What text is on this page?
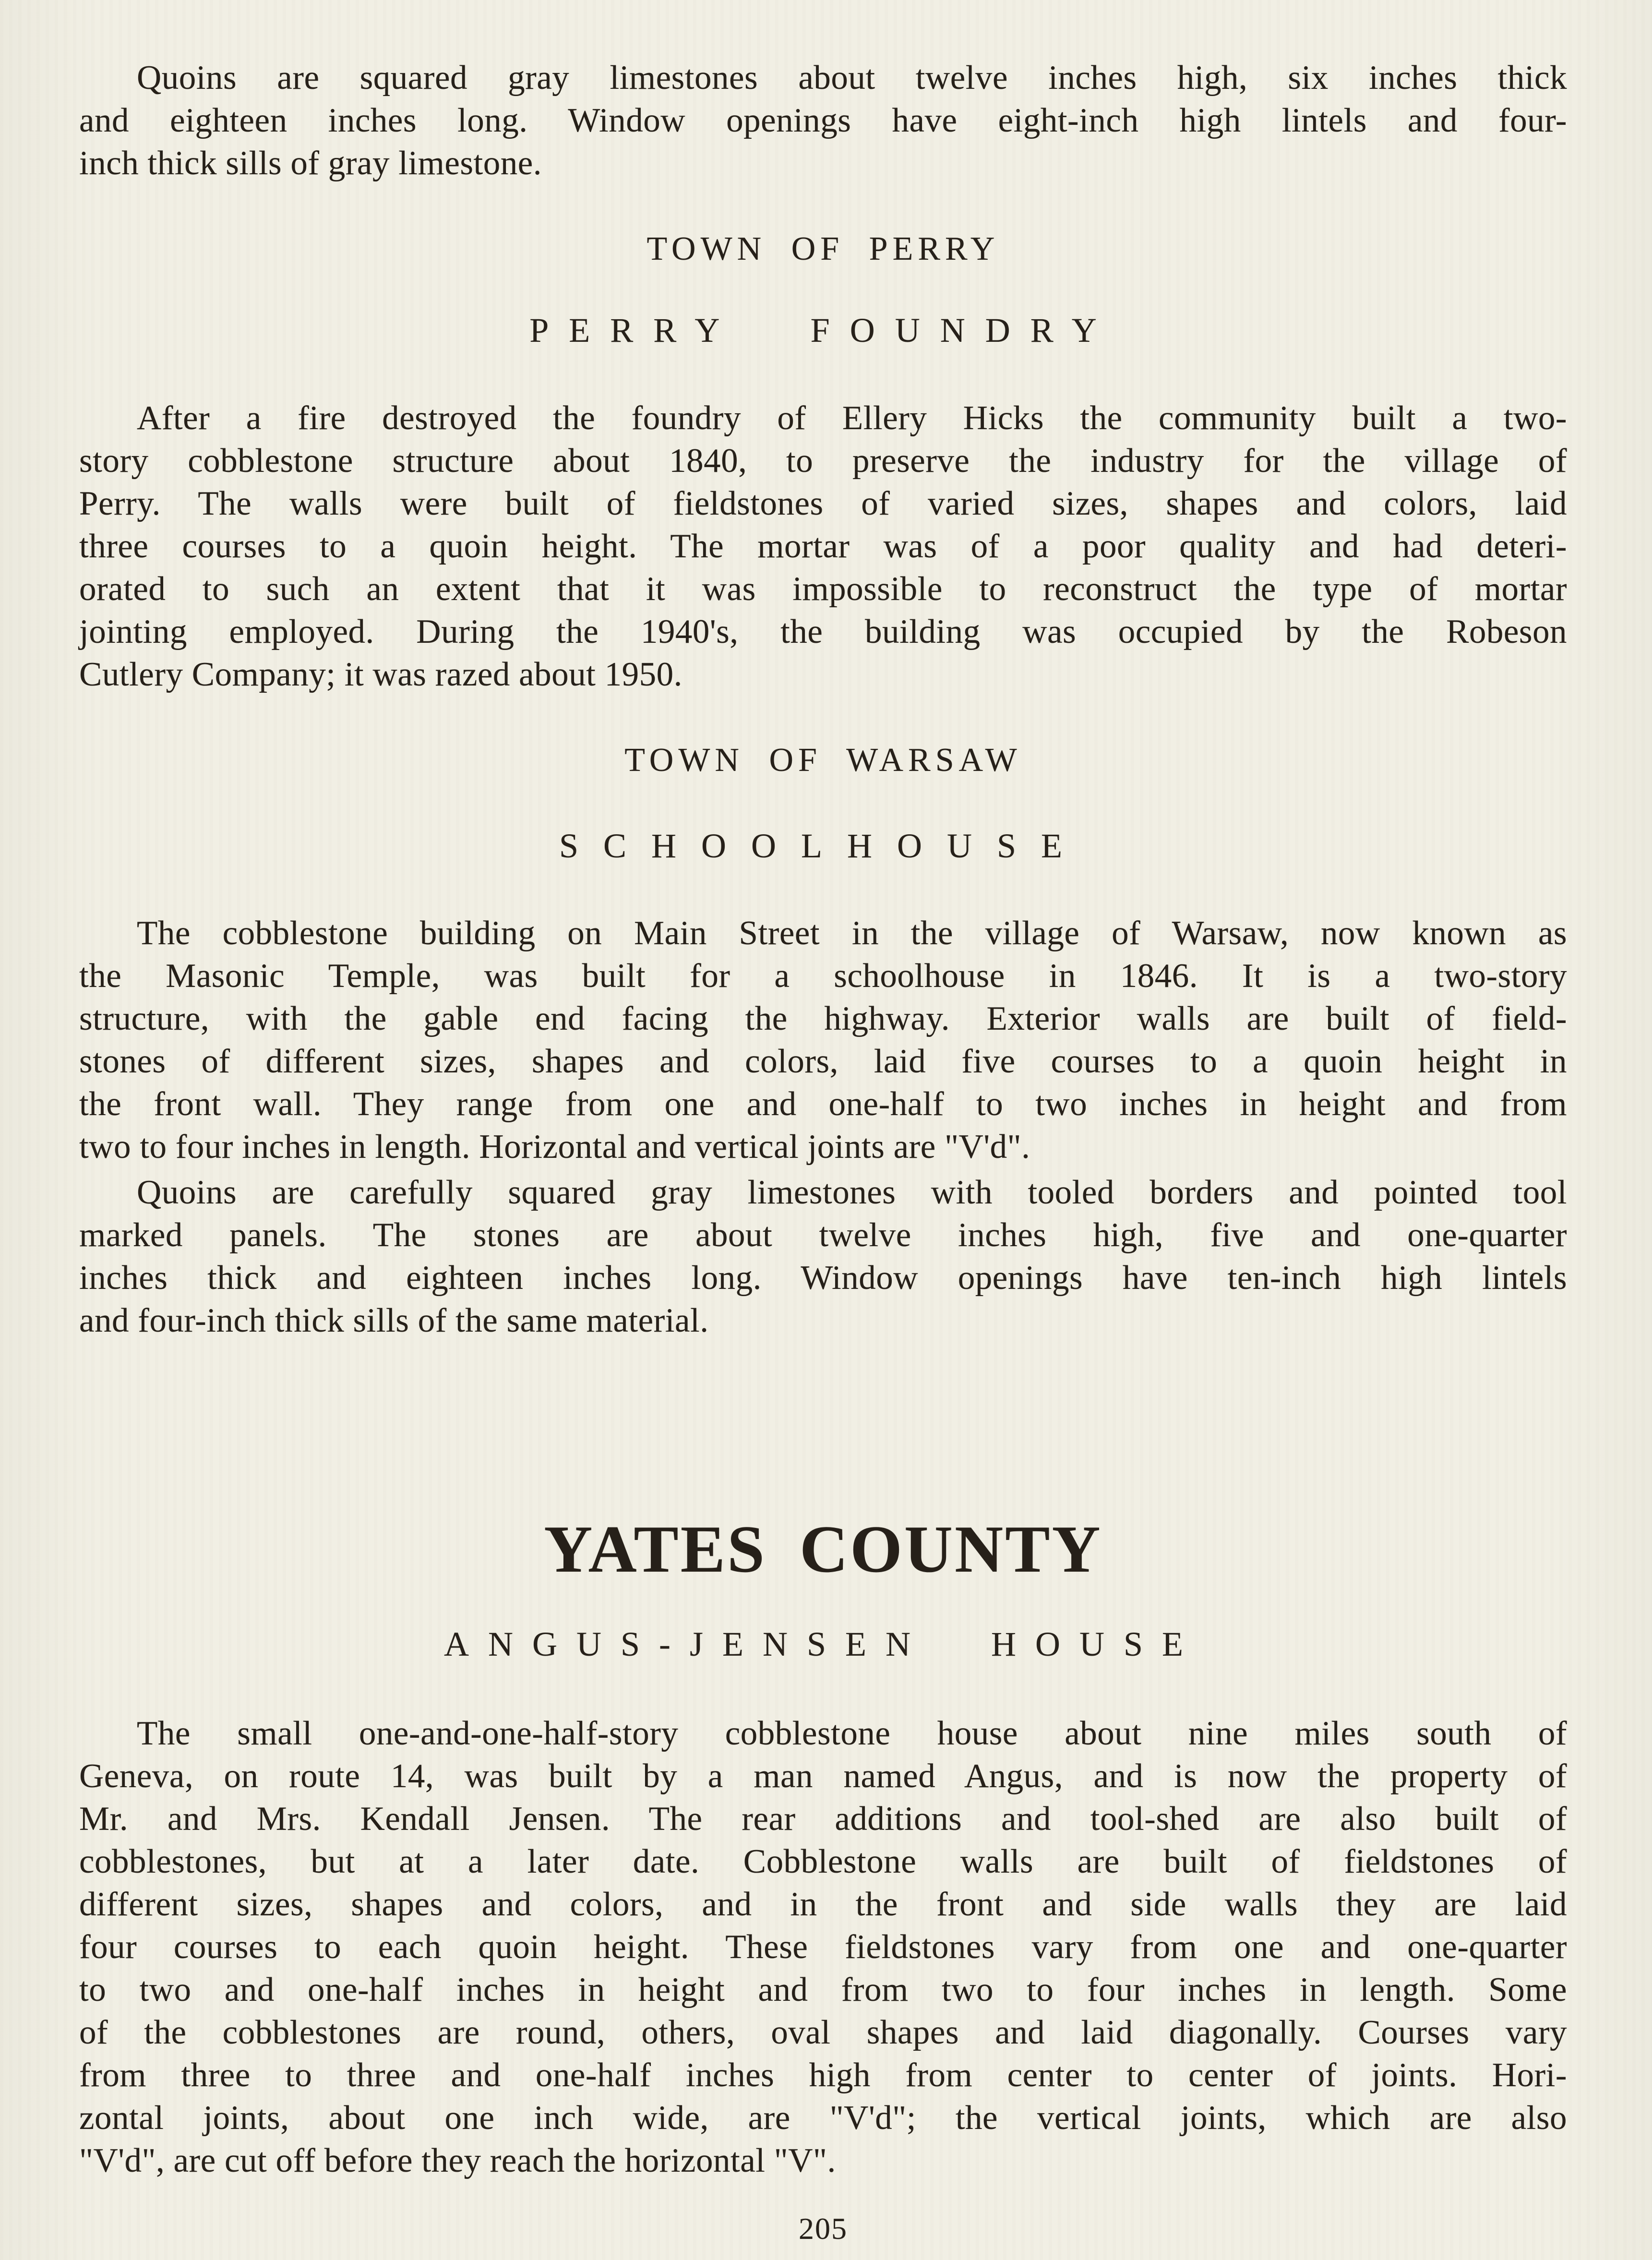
Quoins are squared gray limestones about twelve inches high, six inches thick
and eighteen inches long. Window openings have eight-inch high lintels and four-
inch thick sills of gray limestone.
TOWN OF PERRY
PERRY FOUNDRY
After a fire destroyed the foundry of Ellery Hicks the community built a two-
story cobblestone structure about 1840, to preserve the industry for the village of
Perry. The walls were built of fieldstones of varied sizes, shapes and colors, laid
three courses to a quoin height. The mortar was of a poor quality and had deteri-
orated to such an extent that it was impossible to reconstruct the type of mortar
jointing employed. During the 1940's, the building was occupied by the Robeson
Cutlery Company; it was razed about 1950.
TOWN OF WARSAW
SCHOOLHOUSE
The cobblestone building on Main Street in the village of Warsaw, now known as
the Masonic Temple, was built for a schoolhouse in 1846. It is a two-story
structure, with the gable end facing the highway. Exterior walls are built of field-
stones of different sizes, shapes and colors, laid five courses to a quoin height in
the front wall. They range from one and one-half to two inches in height and from
two to four inches in length. Horizontal and vertical joints are "V'd".
Quoins are carefully squared gray limestones with tooled borders and pointed tool
marked panels. The stones are about twelve inches high, five and one-quarter
inches thick and eighteen inches long. Window openings have ten-inch high lintels
and four-inch thick sills of the same material.
YATES COUNTY
ANGUS-JENSEN HOUSE
The small one-and-one-half-story cobblestone house about nine miles south of
Geneva, on route 14, was built by a man named Angus, and is now the property of
Mr. and Mrs. Kendall Jensen. The rear additions and tool-shed are also built of
cobblestones, but at a later date. Cobblestone walls are built of fieldstones of
different sizes, shapes and colors, and in the front and side walls they are laid
four courses to each quoin height. These fieldstones vary from one and one-quarter
to two and one-half inches in height and from two to four inches in length. Some
of the cobblestones are round, others, oval shapes and laid diagonally. Courses vary
from three to three and one-half inches high from center to center of joints. Hori-
zontal joints, about one inch wide, are "V'd"; the vertical joints, which are also
"V'd", are cut off before they reach the horizontal "V".
205
